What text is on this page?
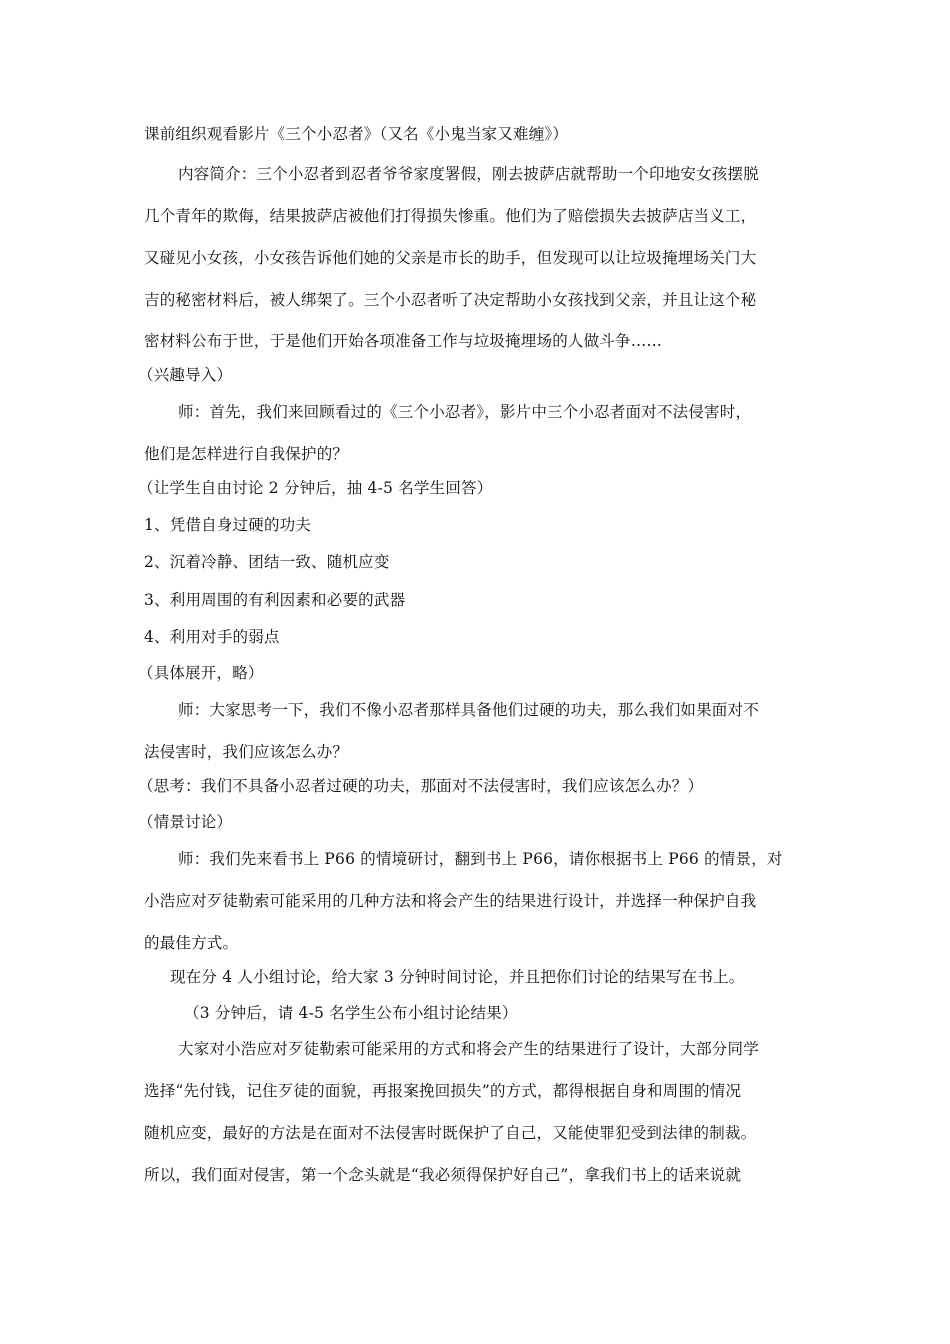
课前组织观看影片《三个小忍者》（又名《小鬼当家又难缠》）

内容简介：三个小忍者到忍者爷爷家度署假，刚去披萨店就帮助一个印地安女孩摆脱

几个青年的欺侮，结果披萨店被他们打得损失惨重。他们为了赔偿损失去披萨店当义工，

又碰见小女孩，小女孩告诉他们她的父亲是市长的助手，但发现可以让垃圾掩埋场关门大

吉的秘密材料后，被人绑架了。三个小忍者听了决定帮助小女孩找到父亲，并且让这个秘

密材料公布于世，于是他们开始各项准备工作与垃圾掩埋场的人做斗争……

（兴趣导入）

师：首先，我们来回顾看过的《三个小忍者》，影片中三个小忍者面对不法侵害时，

他们是怎样进行自我保护的？

（让学生自由讨论 2 分钟后，抽 4-5 名学生回答）

1、凭借自身过硬的功夫

2、沉着冷静、团结一致、随机应变

3、利用周围的有利因素和必要的武器

4、利用对手的弱点

（具体展开，略）

师：大家思考一下，我们不像小忍者那样具备他们过硬的功夫，那么我们如果面对不

法侵害时，我们应该怎么办？

（思考：我们不具备小忍者过硬的功夫，那面对不法侵害时，我们应该怎么办？）

（情景讨论）

师：我们先来看书上 P66 的情境研讨，翻到书上 P66，请你根据书上 P66 的情景，对

小浩应对歹徒勒索可能采用的几种方法和将会产生的结果进行设计，并选择一种保护自我

的最佳方式。

现在分 4 人小组讨论，给大家 3 分钟时间讨论，并且把你们讨论的结果写在书上。

（3 分钟后，请 4-5 名学生公布小组讨论结果）

大家对小浩应对歹徒勒索可能采用的方式和将会产生的结果进行了设计，大部分同学

选择“先付钱，记住歹徒的面貌，再报案挽回损失”的方式，都得根据自身和周围的情况

随机应变，最好的方法是在面对不法侵害时既保护了自己，又能使罪犯受到法律的制裁。

所以，我们面对侵害，第一个念头就是“我必须得保护好自己”，拿我们书上的话来说就
